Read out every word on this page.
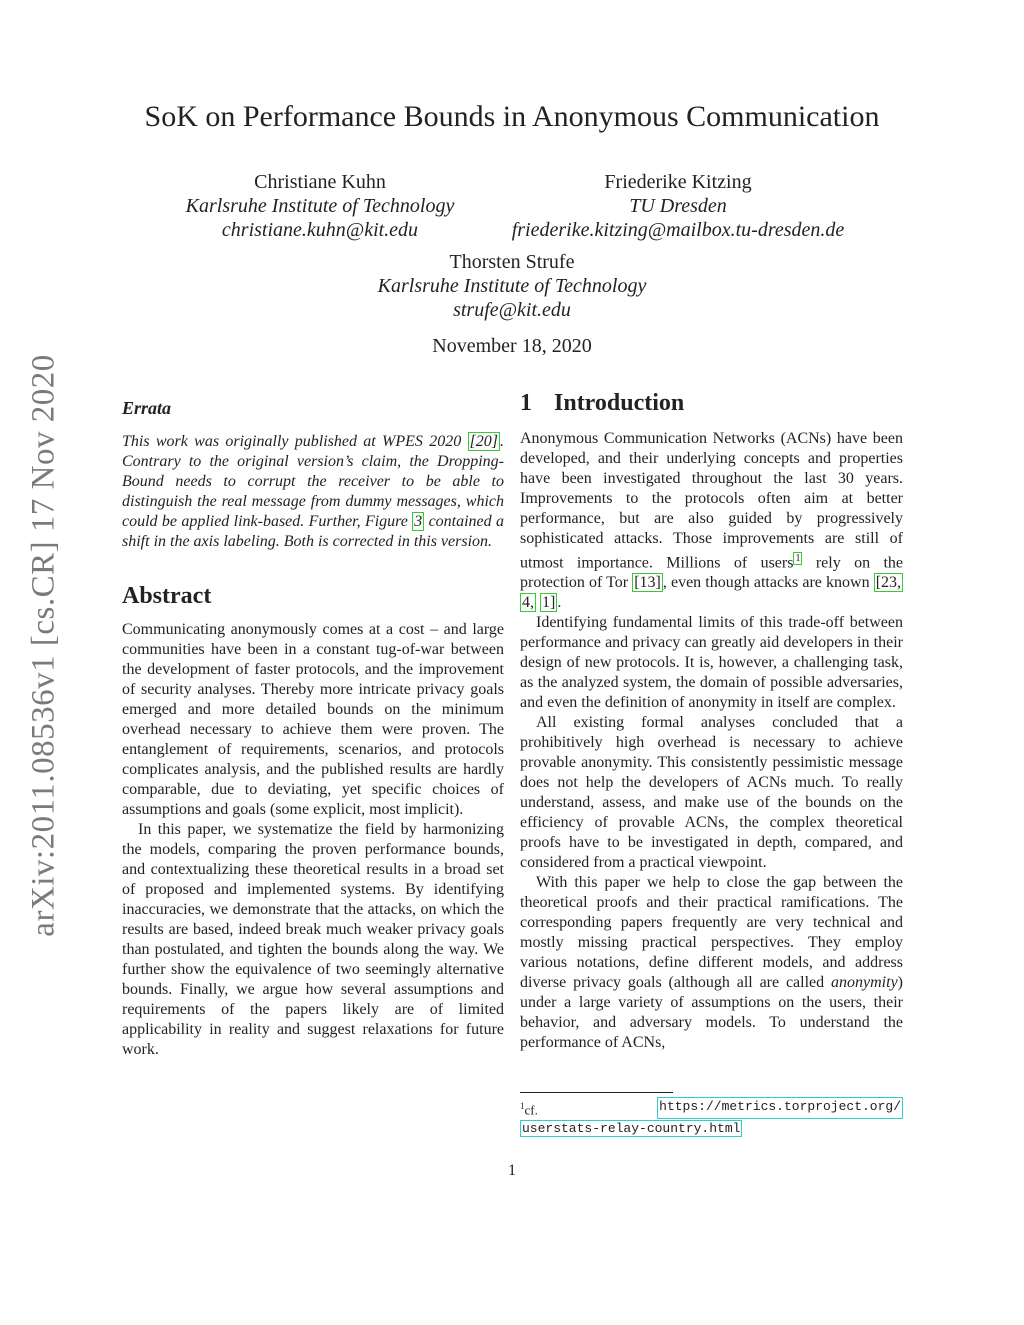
arXiv:2011.08536v1 [cs.CR] 17 Nov 2020
SoK on Performance Bounds in Anonymous Communication
Christiane Kuhn
Karlsruhe Institute of Technology
christiane.kuhn@kit.edu
Friederike Kitzing
TU Dresden
friederike.kitzing@mailbox.tu-dresden.de
Thorsten Strufe
Karlsruhe Institute of Technology
strufe@kit.edu
November 18, 2020
Errata

This work was originally published at WPES 2020 [20] . Contrary to the original version’s claim, the Dropping-Bound needs to corrupt the receiver to be able to distinguish the real message from dummy messages, which could be applied link-based. Further, Figure 3 contained a shift in the axis labeling. Both is corrected in this version.

Abstract

Communicating anonymously comes at a cost – and large communities have been in a constant tug-of-war between the development of faster protocols, and the improvement of security analyses. Thereby more intricate privacy goals emerged and more detailed bounds on the minimum overhead necessary to achieve them were proven. The entanglement of requirements, scenarios, and protocols complicates analysis, and the published results are hardly comparable, due to deviating, yet specific choices of assumptions and goals (some explicit, most implicit).

In this paper, we systematize the field by harmonizing the models, comparing the proven performance bounds, and contextualizing these theoretical results in a broad set of proposed and implemented systems. By identifying inaccuracies, we demonstrate that the attacks, on which the results are based, indeed break much weaker privacy goals than postulated, and tighten the bounds along the way. We further show the equivalence of two seemingly alternative bounds. Finally, we argue how several assumptions and requirements of the papers likely are of limited applicability in reality and suggest relaxations for future work.

1 Introduction

Anonymous Communication Networks (ACNs) have been developed, and their underlying concepts and properties have been investigated throughout the last 30 years. Improvements to the protocols often aim at better performance, but are also guided by progressively sophisticated attacks. Those improvements are still of utmost importance. Millions of users $^1$ rely on the protection of Tor [13] , even though attacks are known [23, 4, 1] .

Identifying fundamental limits of this trade-off between performance and privacy can greatly aid developers in their design of new protocols. It is, however, a challenging task, as the analyzed system, the domain of possible adversaries, and even the definition of anonymity in itself are complex.

All existing formal analyses concluded that a prohibitively high overhead is necessary to achieve provable anonymity. This consistently pessimistic message does not help the developers of ACNs much. To really understand, assess, and make use of the bounds on the efficiency of provable ACNs, the complex theoretical proofs have to be investigated in depth, compared, and considered from a practical viewpoint.

With this paper we help to close the gap between the theoretical proofs and their practical ramifications. The corresponding papers frequently are very technical and mostly missing practical perspectives. They employ various notations, define different models, and address diverse privacy goals (although all are called anonymity) under a large variety of assumptions on the users, their behavior, and adversary models. To understand the performance of ACNs,

$^1$cf.	https://metrics.torproject.org/
userstats-relay-country.html
1
